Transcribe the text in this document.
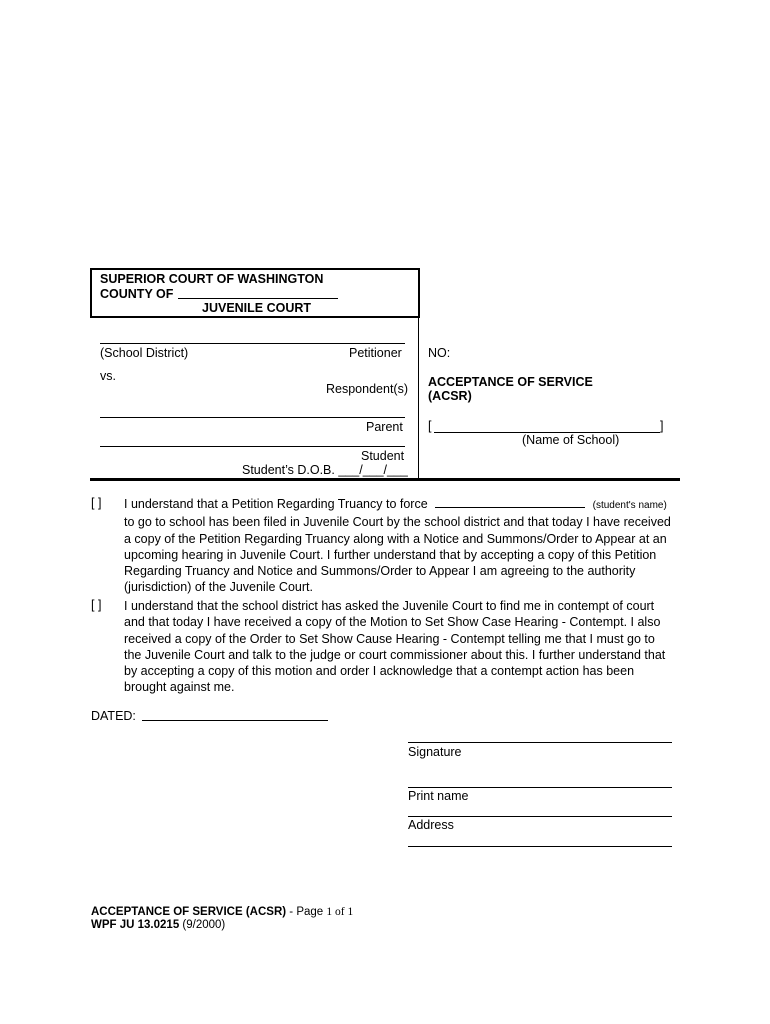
SUPERIOR COURT OF WASHINGTON
COUNTY OF
JUVENILE COURT
(School District)	Petitioner
vs.
Respondent(s)
Parent
Student
Student’s D.O.B. ___/___/___
NO:
ACCEPTANCE OF SERVICE
(ACSR)
[	]
(Name of School)
[ ] I understand that a Petition Regarding Truancy to force	(student's name)
to go to school has been filed in Juvenile Court by the school district and that today I have received
a copy of the Petition Regarding Truancy along with a Notice and Summons/Order to Appear at an
upcoming hearing in Juvenile Court. I further understand that by accepting a copy of this Petition
Regarding Truancy and Notice and Summons/Order to Appear I am agreeing to the authority
(jurisdiction) of the Juvenile Court.
[ ] I understand that the school district has asked the Juvenile Court to find me in contempt of court
and that today I have received a copy of the Motion to Set Show Case Hearing - Contempt. I also
received a copy of the Order to Set Show Cause Hearing - Contempt telling me that I must go to
the Juvenile Court and talk to the judge or court commissioner about this. I further understand that
by accepting a copy of this motion and order I acknowledge that a contempt action has been
brought against me.
DATED:
Signature
Print name
Address
ACCEPTANCE OF SERVICE (ACSR) - Page 1 of 1
WPF JU 13.0215 (9/2000)
